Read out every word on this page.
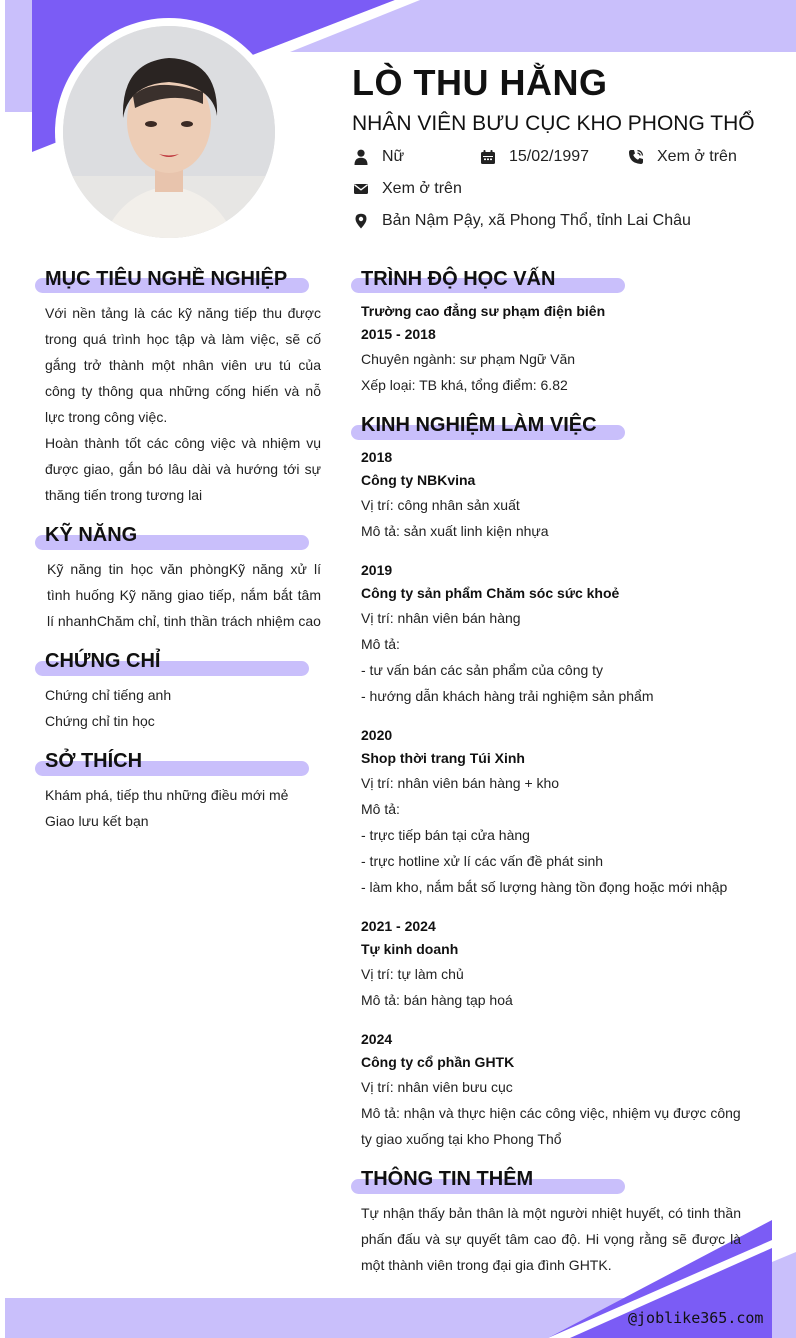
LÒ THU HẰNG
NHÂN VIÊN BƯU CỤC KHO PHONG THỔ
Nữ	15/02/1997	Xem ở trên
Xem ở trên
Bản Nậm Pậy, xã Phong Thổ, tỉnh Lai Châu
MỤC TIÊU NGHỀ NGHIỆP
Với nền tảng là các kỹ năng tiếp thu được trong quá trình học tập và làm việc, sẽ cố gắng trở thành một nhân viên ưu tú của công ty thông qua những cống hiến và nỗ lực trong công việc.
Hoàn thành tốt các công việc và nhiệm vụ được giao, gắn bó lâu dài và hướng tới sự thăng tiến trong tương lai
KỸ NĂNG
Kỹ năng tin học văn phòngKỹ năng xử lí tình huống Kỹ năng giao tiếp, nắm bắt tâm lí nhanhChăm chỉ, tinh thần trách nhiệm cao
CHỨNG CHỈ
Chứng chỉ tiếng anh
Chứng chỉ tin học
SỞ THÍCH
Khám phá, tiếp thu những điều mới mẻ
Giao lưu kết bạn
TRÌNH ĐỘ HỌC VẤN
Trường cao đẳng sư phạm điện biên
2015 - 2018
Chuyên ngành: sư phạm Ngữ Văn
Xếp loại: TB khá, tổng điểm: 6.82
KINH NGHIỆM LÀM VIỆC
2018
Công ty NBKvina
Vị trí: công nhân sản xuất
Mô tả: sản xuất linh kiện nhựa
2019
Công ty sản phẩm Chăm sóc sức khoẻ
Vị trí: nhân viên bán hàng
Mô tả:
- tư vấn bán các sản phẩm của công ty
- hướng dẫn khách hàng trải nghiệm sản phẩm
2020
Shop thời trang Túi Xinh
Vị trí: nhân viên bán hàng + kho
Mô tả:
- trực tiếp bán tại cửa hàng
- trực hotline xử lí các vấn đề phát sinh
- làm kho, nắm bắt số lượng hàng tồn đọng hoặc mới nhập
2021 - 2024
Tự kinh doanh
Vị trí: tự làm chủ
Mô tả: bán hàng tạp hoá
2024
Công ty cổ phần GHTK
Vị trí: nhân viên bưu cục
Mô tả: nhận và thực hiện các công việc, nhiệm vụ được công ty giao xuống tại kho Phong Thổ
THÔNG TIN THÊM
Tự nhận thấy bản thân là một người nhiệt huyết, có tinh thần phấn đấu và sự quyết tâm cao độ. Hi vọng rằng sẽ được là một thành viên trong đại gia đình GHTK.
@joblike365.com
